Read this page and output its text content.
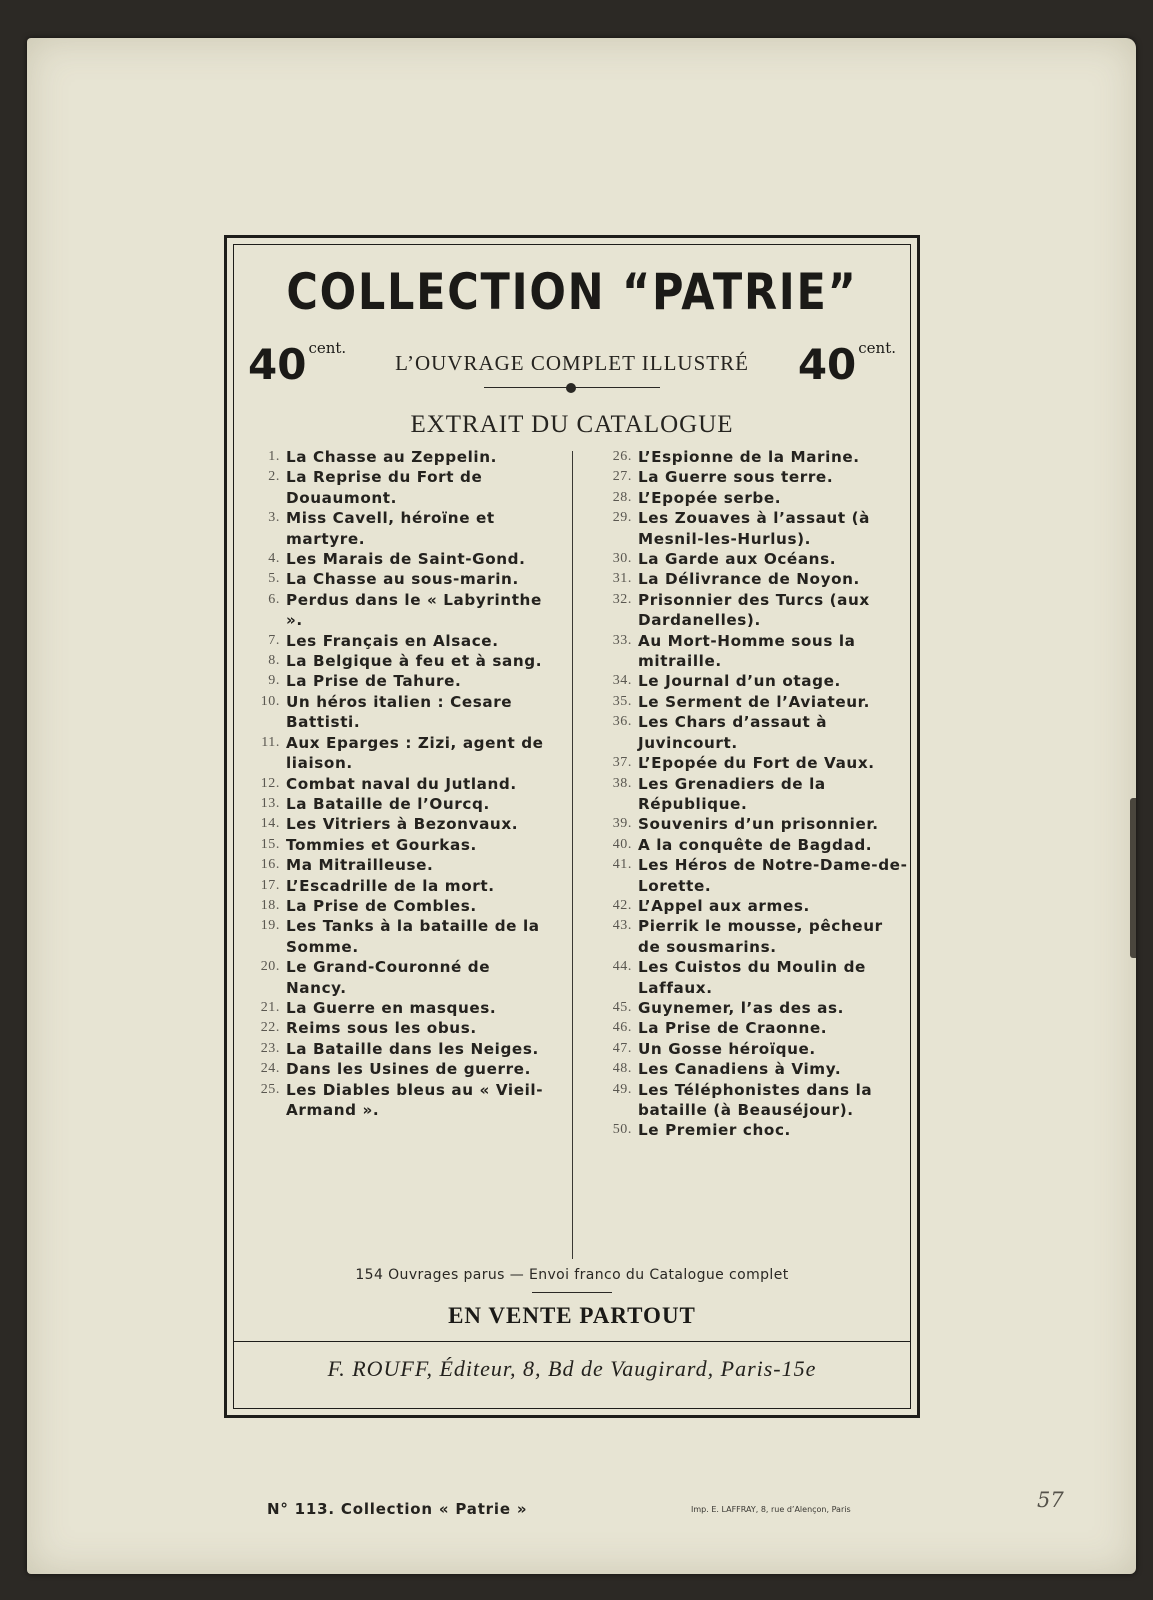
COLLECTION “PATRIE”
40 $^{cent.}$
L’OUVRAGE COMPLET ILLUSTRÉ	40 $^{cent.}$
EXTRAIT DU CATALOGUE
1. La Chasse au Zeppelin.
2. La Reprise du Fort de Douaumont.
3. Miss Cavell, héroïne et martyre.
4. Les Marais de Saint-Gond.
5. La Chasse au sous-marin.
6. Perdus dans le « Labyrinthe ».
7. Les Français en Alsace.
8. La Belgique à feu et à sang.
9. La Prise de Tahure.
10. Un héros italien : Cesare Battisti.
11. Aux Eparges : Zizi, agent de liaison.
12. Combat naval du Jutland.
13. La Bataille de l’Ourcq.
14. Les Vitriers à Bezonvaux.
15. Tommies et Gourkas.
16. Ma Mitrailleuse.
17. L’Escadrille de la mort.
18. La Prise de Combles.
19. Les Tanks à la bataille de la Somme.
20. Le Grand-Couronné de Nancy.
21. La Guerre en masques.
22. Reims sous les obus.
23. La Bataille dans les Neiges.
24. Dans les Usines de guerre.
25. Les Diables bleus au « Vieil-Armand ».
26. L’Espionne de la Marine.
27. La Guerre sous terre.
28. L’Epopée serbe.
29. Les Zouaves à l’assaut (à Mesnil-les-Hurlus).
30. La Garde aux Océans.
31. La Délivrance de Noyon.
32. Prisonnier des Turcs (aux Dardanelles).
33. Au Mort-Homme sous la mitraille.
34. Le Journal d’un otage.
35. Le Serment de l’Aviateur.
36. Les Chars d’assaut à Juvincourt.
37. L’Epopée du Fort de Vaux.
38. Les Grenadiers de la République.
39. Souvenirs d’un prisonnier.
40. A la conquête de Bagdad.
41. Les Héros de Notre-Dame-de-Lorette.
42. L’Appel aux armes.
43. Pierrik le mousse, pêcheur de sousmarins.
44. Les Cuistos du Moulin de Laffaux.
45. Guynemer, l’as des as.
46. La Prise de Craonne.
47. Un Gosse héroïque.
48. Les Canadiens à Vimy.
49. Les Téléphonistes dans la bataille (à Beauséjour).
50. Le Premier choc.
154 Ouvrages parus — Envoi franco du Catalogue complet
EN VENTE PARTOUT
F. ROUFF, Éditeur, 8, Bd de Vaugirard, Paris-15e
N° 113. Collection « Patrie »	Imp. E. LAFFRAY, 8, rue d’Alençon, Paris	57
